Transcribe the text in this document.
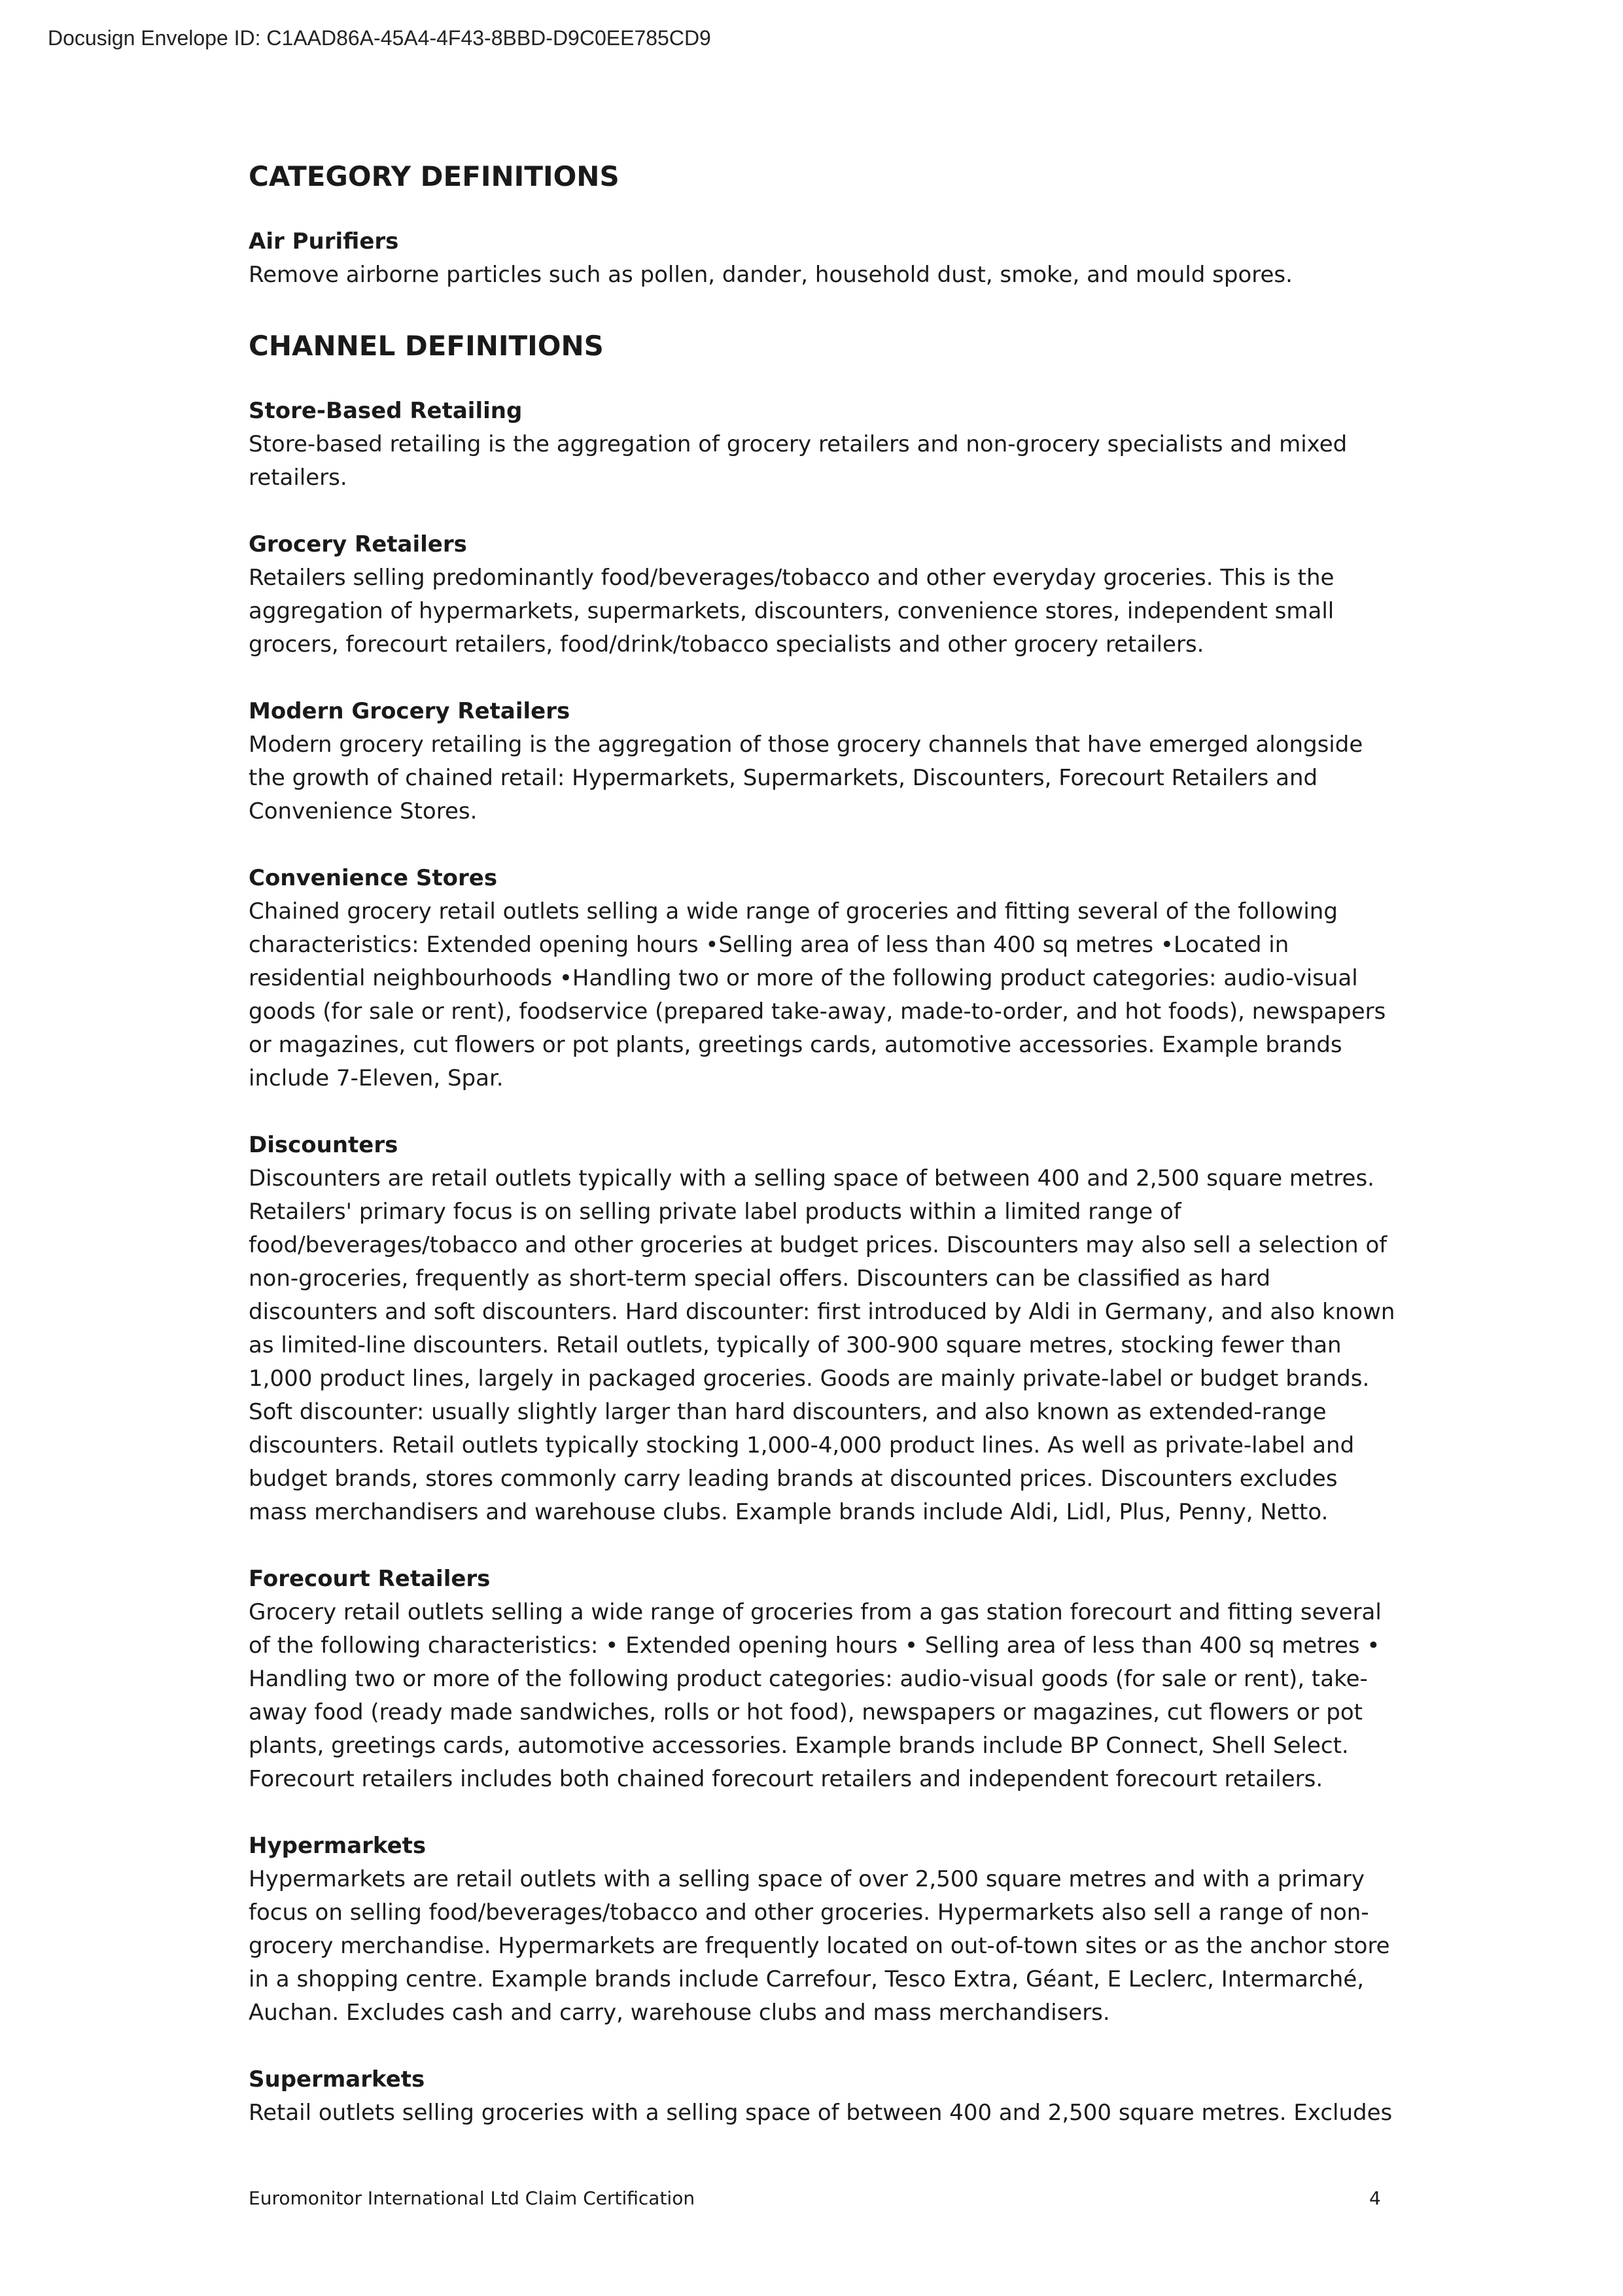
Docusign Envelope ID: C1AAD86A-45A4-4F43-8BBD-D9C0EE785CD9
CATEGORY DEFINITIONS

Air Purifiers

Remove airborne particles such as pollen, dander, household dust, smoke, and mould spores.

CHANNEL DEFINITIONS

Store-Based Retailing

Store-based retailing is the aggregation of grocery retailers and non-grocery specialists and mixed retailers.

Grocery Retailers

Retailers selling predominantly food/beverages/tobacco and other everyday groceries. This is the aggregation of hypermarkets, supermarkets, discounters, convenience stores, independent small grocers, forecourt retailers, food/drink/tobacco specialists and other grocery retailers.

Modern Grocery Retailers

Modern grocery retailing is the aggregation of those grocery channels that have emerged alongside the growth of chained retail: Hypermarkets, Supermarkets, Discounters, Forecourt Retailers and Convenience Stores.

Convenience Stores

Chained grocery retail outlets selling a wide range of groceries and fitting several of the following characteristics: Extended opening hours •Selling area of less than 400 sq metres •Located in residential neighbourhoods •Handling two or more of the following product categories: audio-visual goods (for sale or rent), foodservice (prepared take-away, made-to-order, and hot foods), newspapers or magazines, cut flowers or pot plants, greetings cards, automotive accessories. Example brands include 7-Eleven, Spar.

Discounters

Discounters are retail outlets typically with a selling space of between 400 and 2,500 square metres. Retailers' primary focus is on selling private label products within a limited range of food/beverages/tobacco and other groceries at budget prices. Discounters may also sell a selection of non-groceries, frequently as short-term special offers. Discounters can be classified as hard discounters and soft discounters. Hard discounter: first introduced by Aldi in Germany, and also known as limited-line discounters. Retail outlets, typically of 300-900 square metres, stocking fewer than 1,000 product lines, largely in packaged groceries. Goods are mainly private-label or budget brands. Soft discounter: usually slightly larger than hard discounters, and also known as extended-range discounters. Retail outlets typically stocking 1,000-4,000 product lines. As well as private-label and budget brands, stores commonly carry leading brands at discounted prices. Discounters excludes mass merchandisers and warehouse clubs. Example brands include Aldi, Lidl, Plus, Penny, Netto.

Forecourt Retailers

Grocery retail outlets selling a wide range of groceries from a gas station forecourt and fitting several of the following characteristics: • Extended opening hours • Selling area of less than 400 sq metres • Handling two or more of the following product categories: audio-visual goods (for sale or rent), take-away food (ready made sandwiches, rolls or hot food), newspapers or magazines, cut flowers or pot plants, greetings cards, automotive accessories. Example brands include BP Connect, Shell Select. Forecourt retailers includes both chained forecourt retailers and independent forecourt retailers.

Hypermarkets

Hypermarkets are retail outlets with a selling space of over 2,500 square metres and with a primary focus on selling food/beverages/tobacco and other groceries. Hypermarkets also sell a range of non-grocery merchandise. Hypermarkets are frequently located on out-of-town sites or as the anchor store in a shopping centre. Example brands include Carrefour, Tesco Extra, Géant, E Leclerc, Intermarché, Auchan. Excludes cash and carry, warehouse clubs and mass merchandisers.

Supermarkets

Retail outlets selling groceries with a selling space of between 400 and 2,500 square metres. Excludes

Euromonitor International Ltd Claim Certification	4
